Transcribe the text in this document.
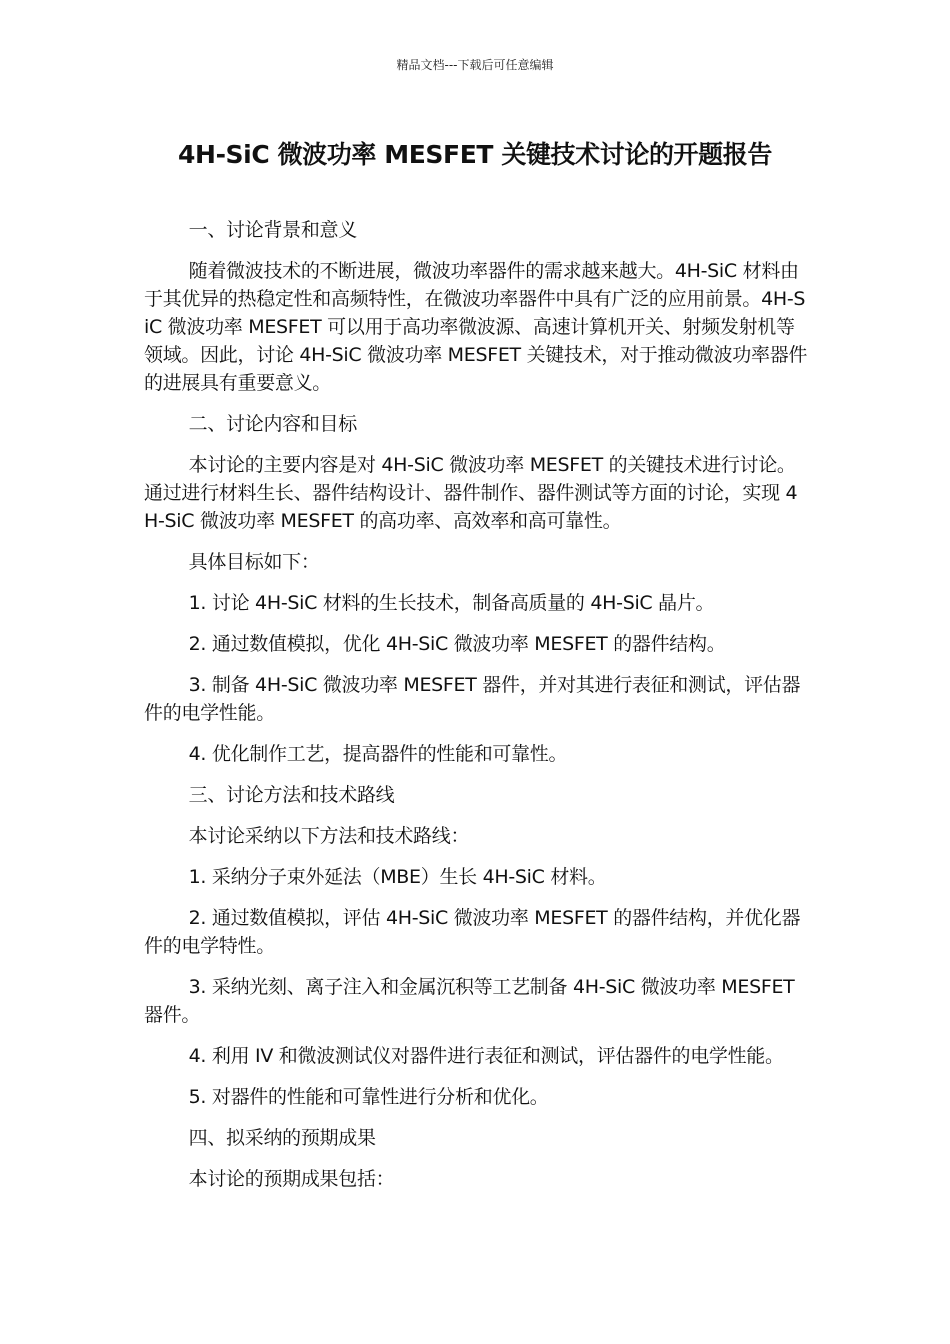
精品文档---下载后可任意编辑
4H-SiC 微波功率 MESFET 关键技术讨论的开题报告

一、讨论背景和意义

随着微波技术的不断进展，微波功率器件的需求越来越大。4H-SiC 材料由于其优异的热稳定性和高频特性，在微波功率器件中具有广泛的应用前景。4H-SiC 微波功率 MESFET 可以用于高功率微波源、高速计算机开关、射频发射机等领域。因此，讨论 4H-SiC 微波功率 MESFET 关键技术，对于推动微波功率器件的进展具有重要意义。

二、讨论内容和目标

本讨论的主要内容是对 4H-SiC 微波功率 MESFET 的关键技术进行讨论。通过进行材料生长、器件结构设计、器件制作、器件测试等方面的讨论，实现 4H-SiC 微波功率 MESFET 的高功率、高效率和高可靠性。

具体目标如下：

1. 讨论 4H-SiC 材料的生长技术，制备高质量的 4H-SiC 晶片。

2. 通过数值模拟，优化 4H-SiC 微波功率 MESFET 的器件结构。

3. 制备 4H-SiC 微波功率 MESFET 器件，并对其进行表征和测试，评估器件的电学性能。

4. 优化制作工艺，提高器件的性能和可靠性。

三、讨论方法和技术路线

本讨论采纳以下方法和技术路线：

1. 采纳分子束外延法（MBE）生长 4H-SiC 材料。

2. 通过数值模拟，评估 4H-SiC 微波功率 MESFET 的器件结构，并优化器件的电学特性。

3. 采纳光刻、离子注入和金属沉积等工艺制备 4H-SiC 微波功率 MESFET 器件。

4. 利用 IV 和微波测试仪对器件进行表征和测试，评估器件的电学性能。

5. 对器件的性能和可靠性进行分析和优化。

四、拟采纳的预期成果

本讨论的预期成果包括：
